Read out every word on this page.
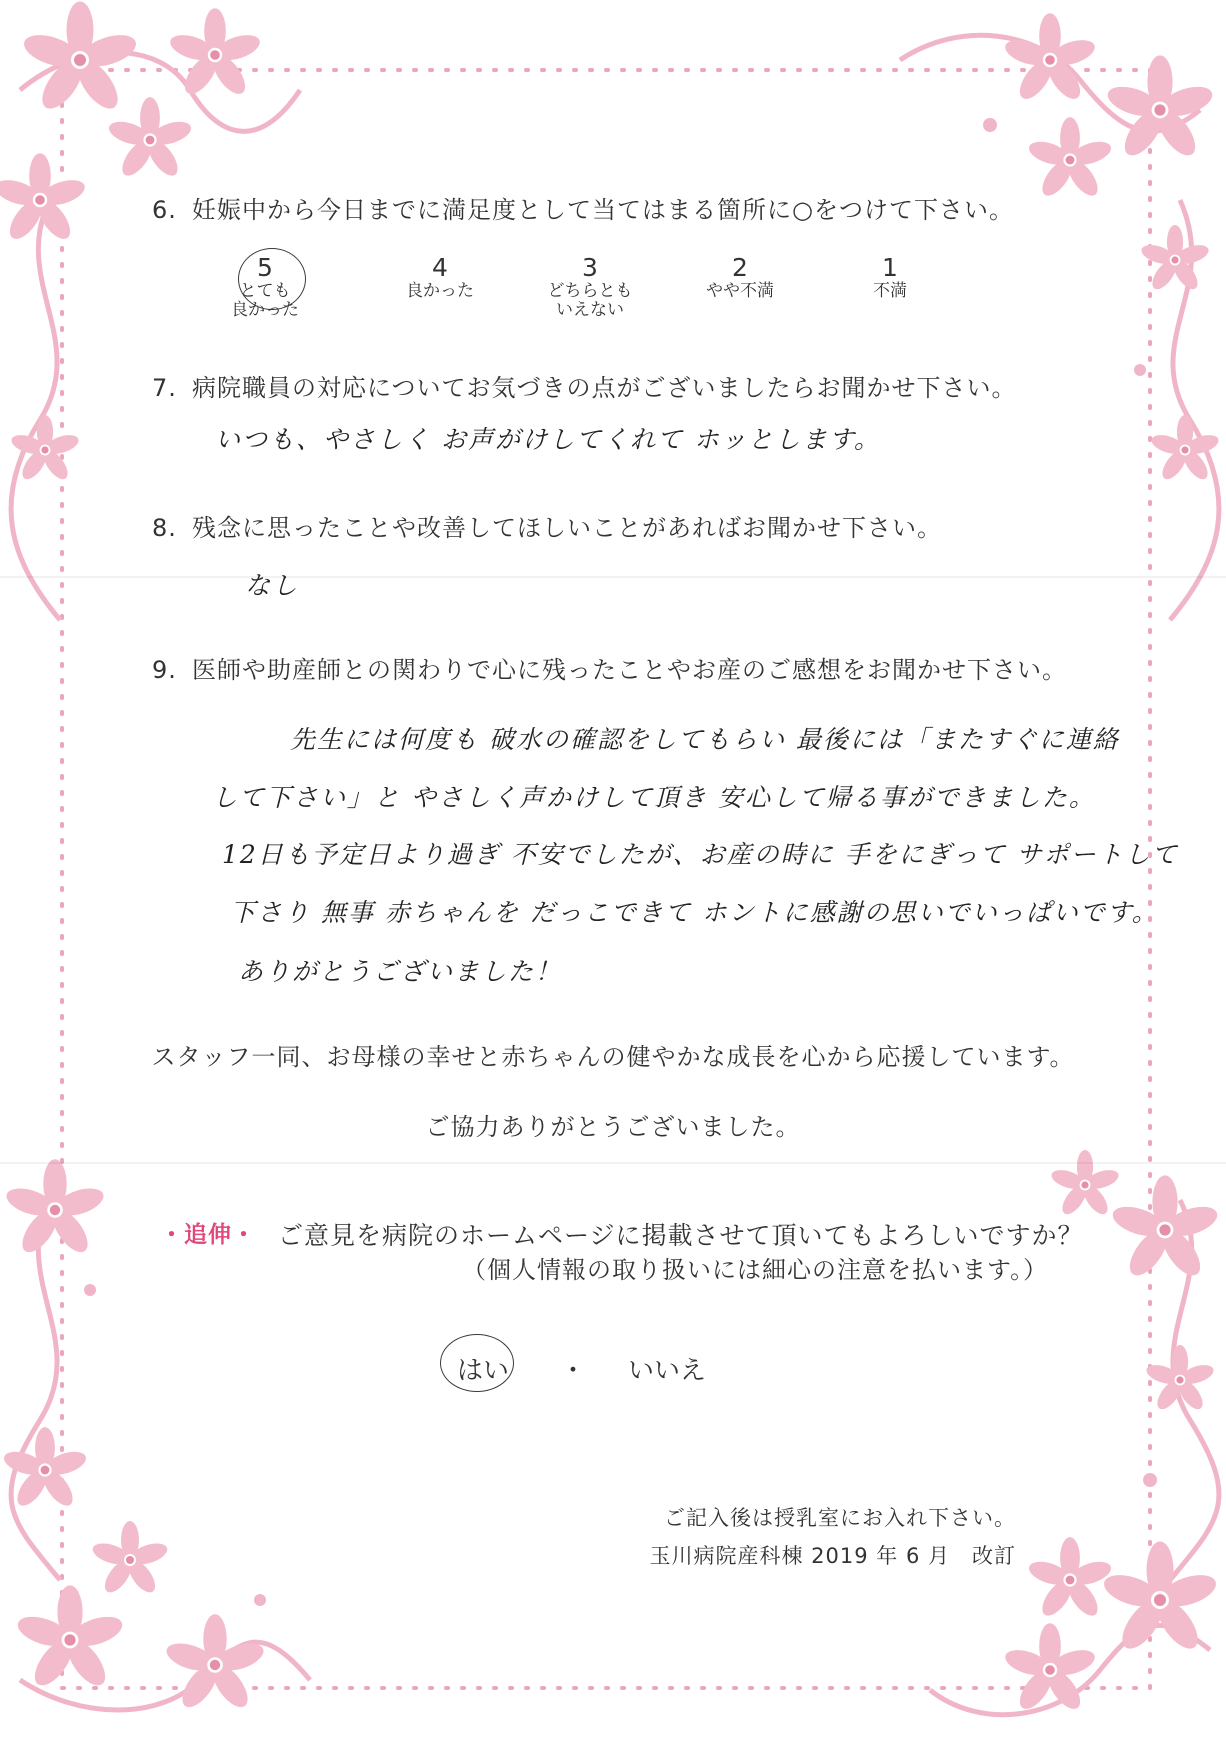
6. 妊娠中から今日までに満足度として当てはまる箇所に○をつけて下さい。
5
とても
良かった
4
良かった
3
どちらとも
いえない
2
やや不満
1
不満
7. 病院職員の対応についてお気づきの点がございましたらお聞かせ下さい。
いつも、やさしく お声がけしてくれて ホッとします。
8. 残念に思ったことや改善してほしいことがあればお聞かせ下さい。
なし
9. 医師や助産師との関わりで心に残ったことやお産のご感想をお聞かせ下さい。
先生には何度も 破水の確認をしてもらい 最後には「またすぐに連絡
して下さい」と やさしく声かけして頂き 安心して帰る事ができました。
12日も予定日より過ぎ 不安でしたが、お産の時に 手をにぎって サポートして
下さり 無事 赤ちゃんを だっこできて ホントに感謝の思いでいっぱいです。
ありがとうございました！
スタッフ一同、お母様の幸せと赤ちゃんの健やかな成長を心から応援しています。
ご協力ありがとうございました。
・追伸・ ご意見を病院のホームページに掲載させて頂いてもよろしいですか？
（個人情報の取り扱いには細心の注意を払います。）
はい ・ いいえ
ご記入後は授乳室にお入れ下さい。
玉川病院産科棟 2019 年 6 月　改訂
